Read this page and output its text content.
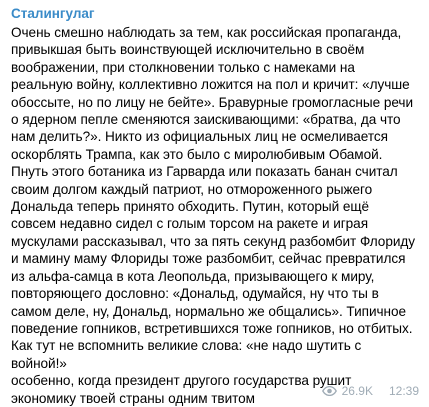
Сталингулаг

Очень смешно наблюдать за тем, как российская пропаганда,
привыкшая быть воинствующей исключительно в своём
воображении, при столкновении только с намеками на
реальную войну, коллективно ложится на пол и кричит: «лучше
обоссыте, но по лицу не бейте». Бравурные громогласные речи
о ядерном пепле сменяются заискивающими: «братва, да что
нам делить?». Никто из официальных лиц не осмеливается
оскорблять Трампа, как это было с миролюбивым Обамой.
Пнуть этого ботаника из Гарварда или показать банан считал
своим долгом каждый патриот, но отмороженного рыжего
Дональда теперь принято обходить. Путин, который ещё
совсем недавно сидел с голым торсом на ракете и играя
мускулами рассказывал, что за пять секунд разбомбит Флориду
и мамину маму Флориды тоже разбомбит, сейчас превратился
из альфа-самца в кота Леопольда, призывающего к миру,
повторяющего дословно: «Дональд, одумайся, ну что ты в
самом деле, ну, Дональд, нормально же общались». Типичное
поведение гопников, встретившихся тоже гопников, но отбитых.
Как тут не вспомнить великие слова: «не надо шутить с войной!»
особенно, когда президент другого государства рушит
экономику твоей страны одним твитом	26.9K 12:39
